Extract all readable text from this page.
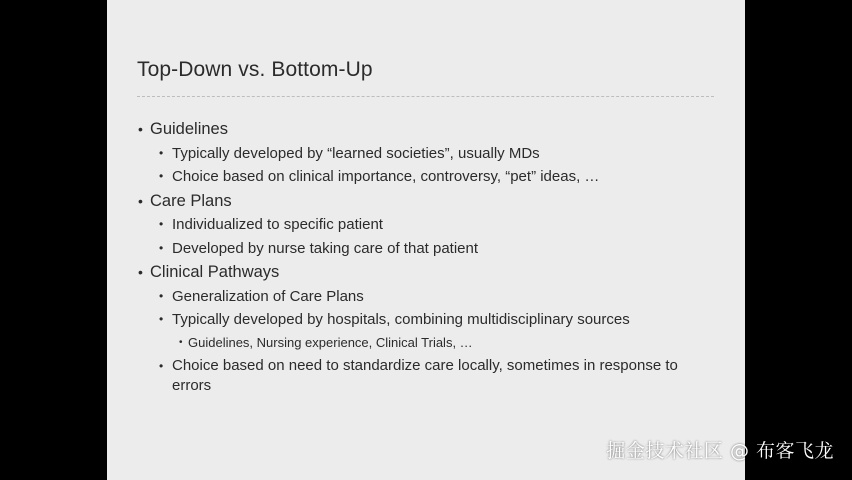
Top-Down vs. Bottom-Up
• Guidelines
• Typically developed by “learned societies”, usually MDs
• Choice based on clinical importance, controversy, “pet” ideas, …
• Care Plans
• Individualized to specific patient
• Developed by nurse taking care of that patient
• Clinical Pathways
• Generalization of Care Plans
• Typically developed by hospitals, combining multidisciplinary sources
• Guidelines, Nursing experience, Clinical Trials, …
• Choice based on need to standardize care locally, sometimes in response to errors
掘金技术社区 @ 布客飞龙
